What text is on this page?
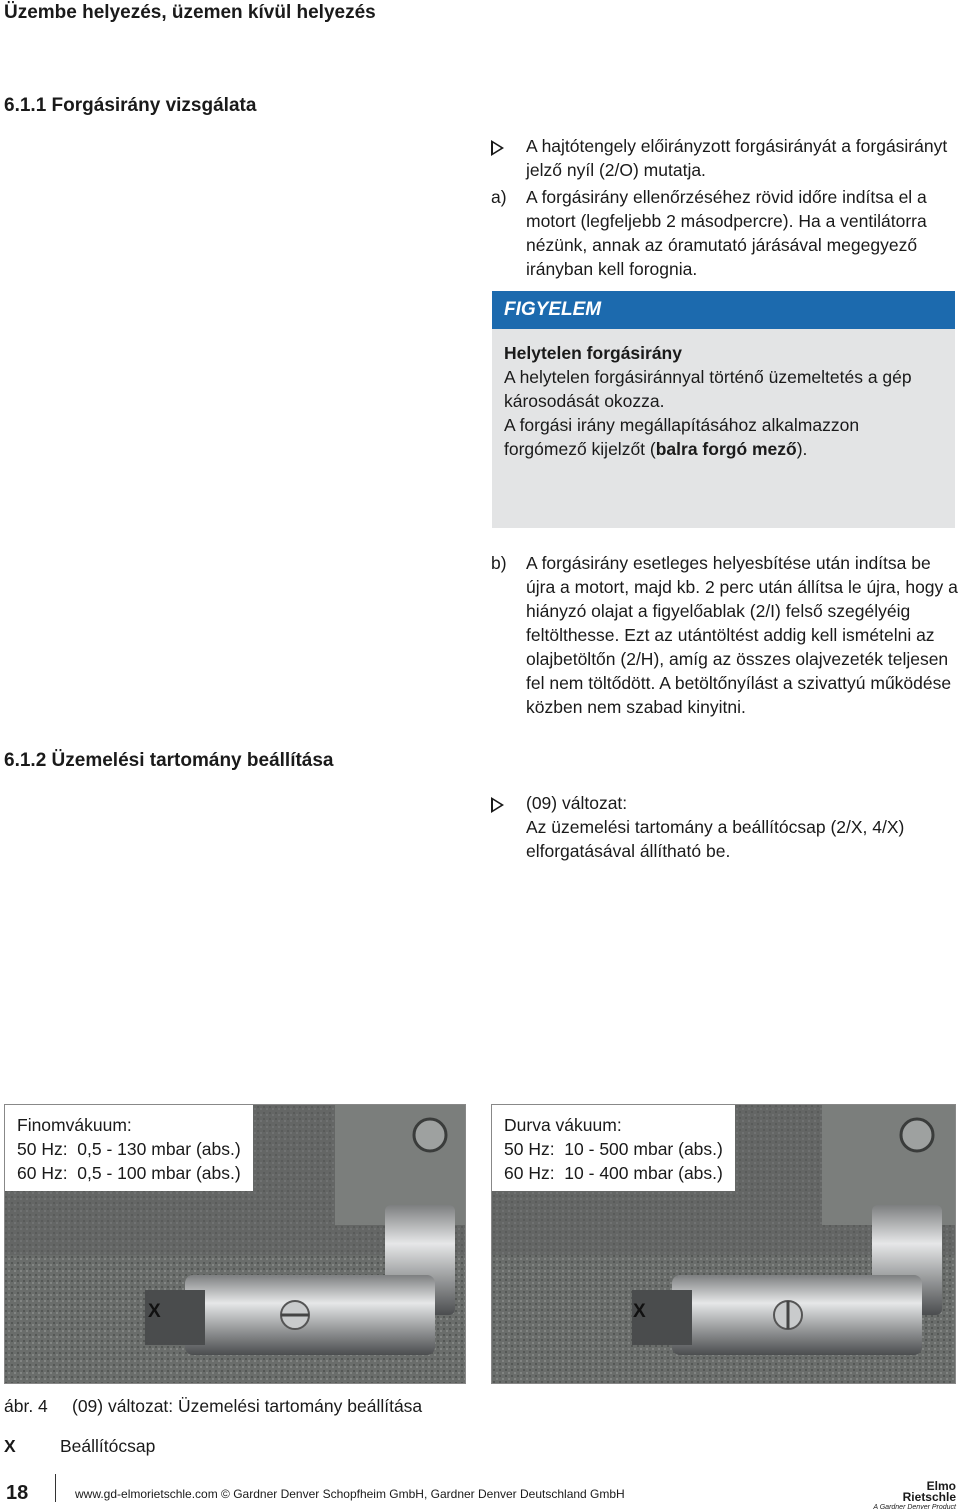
Üzembe helyezés, üzemen kívül helyezés
6.1.1 Forgásirány vizsgálata
A hajtótengely előirányzott forgásirányát a forgásirányt jelző nyíl (2/O) mutatja.
a)	A forgásirány ellenőrzéséhez rövid időre indítsa el a motort (legfeljebb 2 másodpercre). Ha a ventilátorra nézünk, annak az óramutató járásával megegyező irányban kell forognia.
FIGYELEM
Helytelen forgásirány
A helytelen forgásiránnyal történő üzemeltetés a gép károsodását okozza.
A forgási irány megállapításához alkalmazzon forgómező kijelzőt (balra forgó mező).
b)	A forgásirány esetleges helyesbítése után indítsa be újra a motort, majd kb. 2 perc után állítsa le újra, hogy a hiányzó olajat a figyelőablak (2/I) felső szegélyéig feltölthesse. Ezt az utántöltést addig kell ismételni az olajbetöltőn (2/H), amíg az összes olajvezeték teljesen fel nem töltődött. A betöltőnyílást a szivattyú működése közben nem szabad kinyitni.
6.1.2 Üzemelési tartomány beállítása
(09) változat:
Az üzemelési tartomány a beállítócsap (2/X, 4/X) elforgatásával állítható be.
Finomvákuum:
50 Hz:  0,5 - 130 mbar (abs.)
60 Hz:  0,5 - 100 mbar (abs.)
X
Durva vákuum:
50 Hz:  10 - 500 mbar (abs.)
60 Hz:  10 - 400 mbar (abs.)
X
ábr. 4 (09) változat: Üzemelési tartomány beállítása
X	Beállítócsap
18	www.gd-elmorietschle.com © Gardner Denver Schopfheim GmbH, Gardner Denver Deutschland GmbH
Elmo
Rietschle
A Gardner Denver Product
